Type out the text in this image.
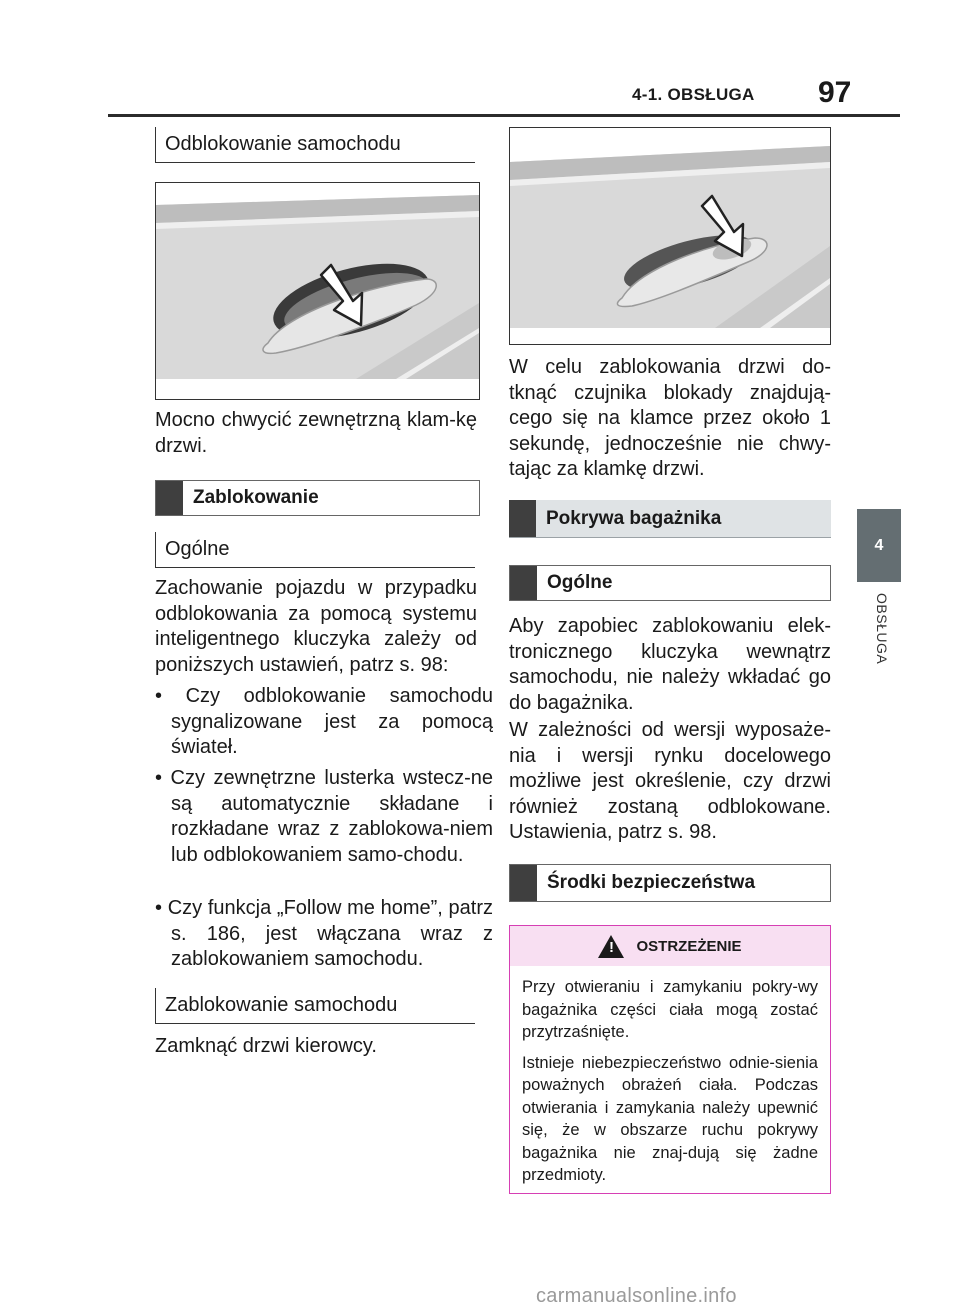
4-1. OBSŁUGA 97
4
OBSŁUGA
Odblokowanie samochodu
Mocno chwycić zewnętrzną klam-kę drzwi.
Zablokowanie
Ogólne
Zachowanie pojazdu w przypadku odblokowania za pomocą systemu inteligentnego kluczyka zależy od poniższych ustawień, patrz s. 98:
• Czy odblokowanie samochodu sygnalizowane jest za pomocą świateł.
• Czy zewnętrzne lusterka wstecz-ne są automatycznie składane i rozkładane wraz z zablokowa-niem lub odblokowaniem samo-chodu.
• Czy funkcja „Follow me home”, patrz s. 186, jest włączana wraz z zablokowaniem samochodu.
Zablokowanie samochodu
Zamknąć drzwi kierowcy.
W celu zablokowania drzwi do-tknąć czujnika blokady znajdują-cego się na klamce przez około 1 sekundę, jednocześnie nie chwy-tając za klamkę drzwi.
Pokrywa bagażnika
Ogólne
Aby zapobiec zablokowaniu elek-tronicznego kluczyka wewnątrz samochodu, nie należy wkładać go do bagażnika.
W zależności od wersji wyposaże-nia i wersji rynku docelowego możliwe jest określenie, czy drzwi również zostaną odblokowane. Ustawienia, patrz s. 98.
Środki bezpieczeństwa
! OSTRZEŻENIE

Przy otwieraniu i zamykaniu pokry-wy bagażnika części ciała mogą zostać przytrzaśnięte.

Istnieje niebezpieczeństwo odnie-sienia poważnych obrażeń ciała. Podczas otwierania i zamykania należy upewnić się, że w obszarze ruchu pokrywy bagażnika nie znaj-dują się żadne przedmioty.

carmanualsonline.info
